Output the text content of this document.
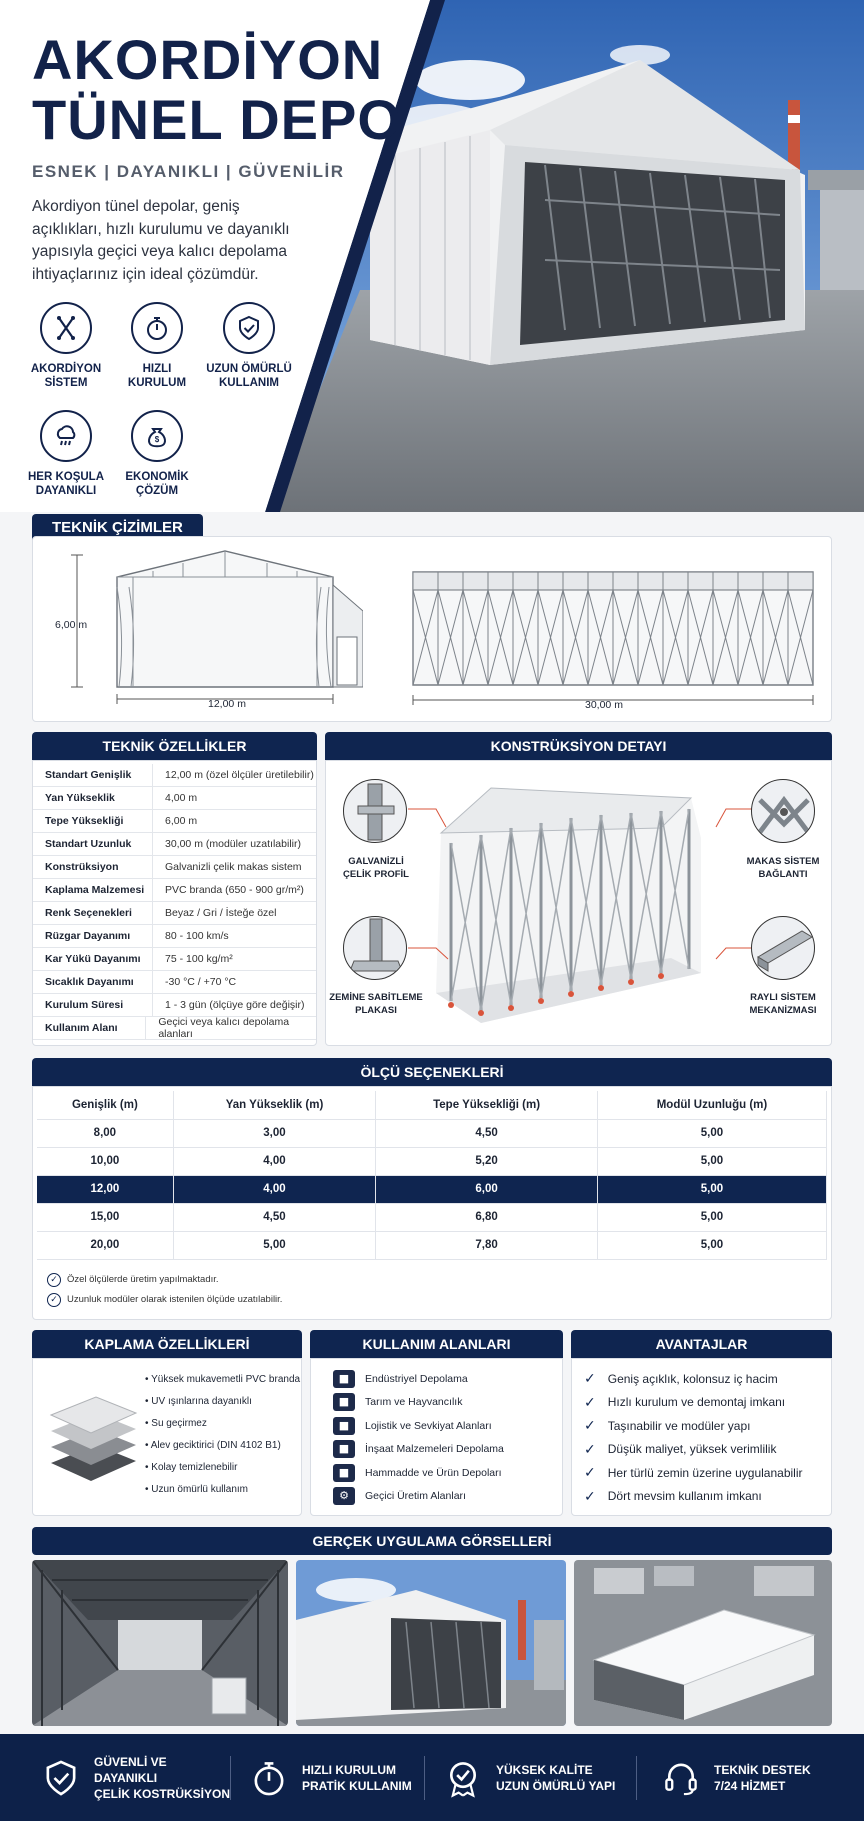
AKORDİYON
TÜNEL DEPO
ESNEK | DAYANIKLI | GÜVENİLİR
Akordiyon tünel depolar, geniş açıklıkları, hızlı kurulumu ve dayanıklı yapısıyla geçici veya kalıcı depolama ihtiyaçlarınız için ideal çözümdür.
AKORDİYON
SİSTEM
HIZLI
KURULUM
UZUN ÖMÜRLÜ
KULLANIM
HER KOŞULA
DAYANIKLI
$
EKONOMİK
ÇÖZÜM
TEKNİK ÇİZİMLER
6,00 m
12,00 m	30,00 m
TEKNİK ÖZELLİKLER
Standart Genişlik	12,00 m (özel ölçüler üretilebilir)
Yan Yükseklik	4,00 m
Tepe Yüksekliği	6,00 m
Standart Uzunluk	30,00 m (modüler uzatılabilir)
Konstrüksiyon	Galvanizli çelik makas sistem
Kaplama Malzemesi	PVC branda (650 - 900 gr/m²)
Renk Seçenekleri	Beyaz / Gri / İsteğe özel
Rüzgar Dayanımı	80 - 100 km/s
Kar Yükü Dayanımı	75 - 100 kg/m²
Sıcaklık Dayanımı	-30 °C / +70 °C
Kurulum Süresi	1 - 3 gün (ölçüye göre değişir)
Kullanım Alanı	Geçici veya kalıcı depolama alanları
KONSTRÜKSİYON DETAYI
GALVANİZLİ
ÇELİK PROFİL
MAKAS SİSTEM
BAĞLANTI
ZEMİNE SABİTLEME
PLAKASI
RAYLI SİSTEM
MEKANİZMASI
ÖLÇÜ SEÇENEKLERİ
Genişlik (m)	Yan Yükseklik (m)	Tepe Yüksekliği (m)	Modül Uzunluğu (m)
8,00	3,00	4,50	5,00
10,00	4,00	5,20	5,00
12,00	4,00	6,00	5,00
15,00	4,50	6,80	5,00
20,00	5,00	7,80	5,00
✓ Özel ölçülerde üretim yapılmaktadır.
✓ Uzunluk modüler olarak istenilen ölçüde uzatılabilir.
KAPLAMA ÖZELLİKLERİ
• Yüksek mukavemetli PVC branda
• UV ışınlarına dayanıklı
• Su geçirmez
• Alev geciktirici (DIN 4102 B1)
• Kolay temizlenebilir
• Uzun ömürlü kullanım
KULLANIM ALANLARI
■	Endüstriyel Depolama
■	Tarım ve Hayvancılık
■	Lojistik ve Sevkiyat Alanları
■	İnşaat Malzemeleri Depolama
■	Hammadde ve Ürün Depoları
⚙	Geçici Üretim Alanları
AVANTAJLAR
✓ Geniş açıklık, kolonsuz iç hacim
✓ Hızlı kurulum ve demontaj imkanı
✓ Taşınabilir ve modüler yapı
✓ Düşük maliyet, yüksek verimlilik
✓ Her türlü zemin üzerine uygulanabilir
✓ Dört mevsim kullanım imkanı
GERÇEK UYGULAMA GÖRSELLERİ
GÜVENLİ VE
DAYANIKLI
ÇELİK KOSTRÜKSİYON
HIZLI KURULUM
PRATİK KULLANIM
YÜKSEK KALİTE
UZUN ÖMÜRLÜ YAPI
TEKNİK DESTEK
7/24 HİZMET
